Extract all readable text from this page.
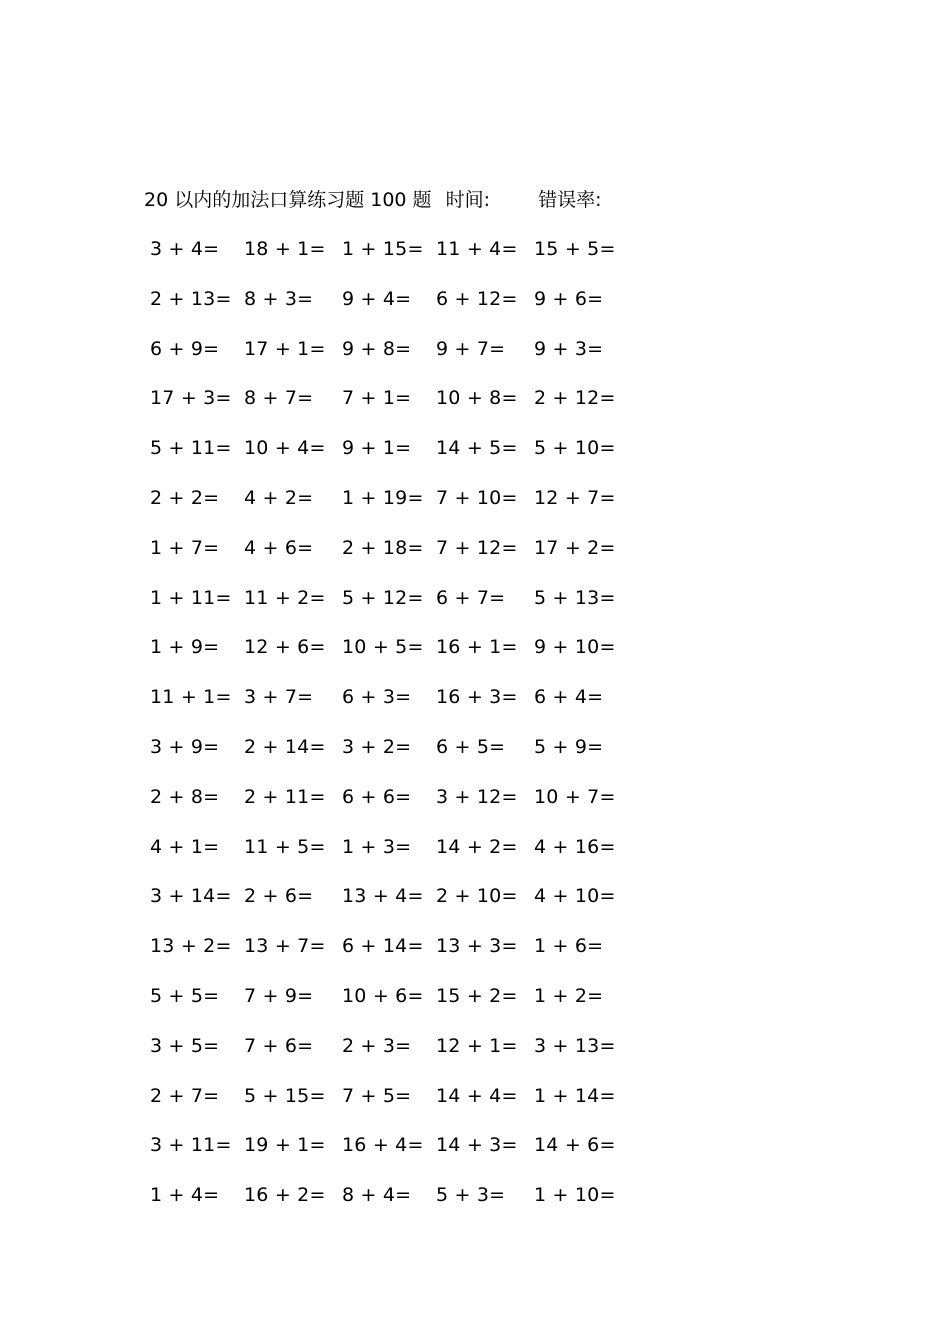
20 以内的加法口算练习题 100 题 时间:	错误率:
3 + 4= 18 + 1= 1 + 15= 11 + 4= 15 + 5=
2 + 13= 8 + 3= 9 + 4= 6 + 12= 9 + 6=
6 + 9= 17 + 1= 9 + 8= 9 + 7= 9 + 3=
17 + 3= 8 + 7= 7 + 1= 10 + 8= 2 + 12=
5 + 11= 10 + 4= 9 + 1= 14 + 5= 5 + 10=
2 + 2= 4 + 2= 1 + 19= 7 + 10= 12 + 7=
1 + 7= 4 + 6= 2 + 18= 7 + 12= 17 + 2=
1 + 11= 11 + 2= 5 + 12= 6 + 7= 5 + 13=
1 + 9= 12 + 6= 10 + 5= 16 + 1= 9 + 10=
11 + 1= 3 + 7= 6 + 3= 16 + 3= 6 + 4=
3 + 9= 2 + 14= 3 + 2= 6 + 5= 5 + 9=
2 + 8= 2 + 11= 6 + 6= 3 + 12= 10 + 7=
4 + 1= 11 + 5= 1 + 3= 14 + 2= 4 + 16=
3 + 14= 2 + 6= 13 + 4= 2 + 10= 4 + 10=
13 + 2= 13 + 7= 6 + 14= 13 + 3= 1 + 6=
5 + 5= 7 + 9= 10 + 6= 15 + 2= 1 + 2=
3 + 5= 7 + 6= 2 + 3= 12 + 1= 3 + 13=
2 + 7= 5 + 15= 7 + 5= 14 + 4= 1 + 14=
3 + 11= 19 + 1= 16 + 4= 14 + 3= 14 + 6=
1 + 4= 16 + 2= 8 + 4= 5 + 3= 1 + 10=
